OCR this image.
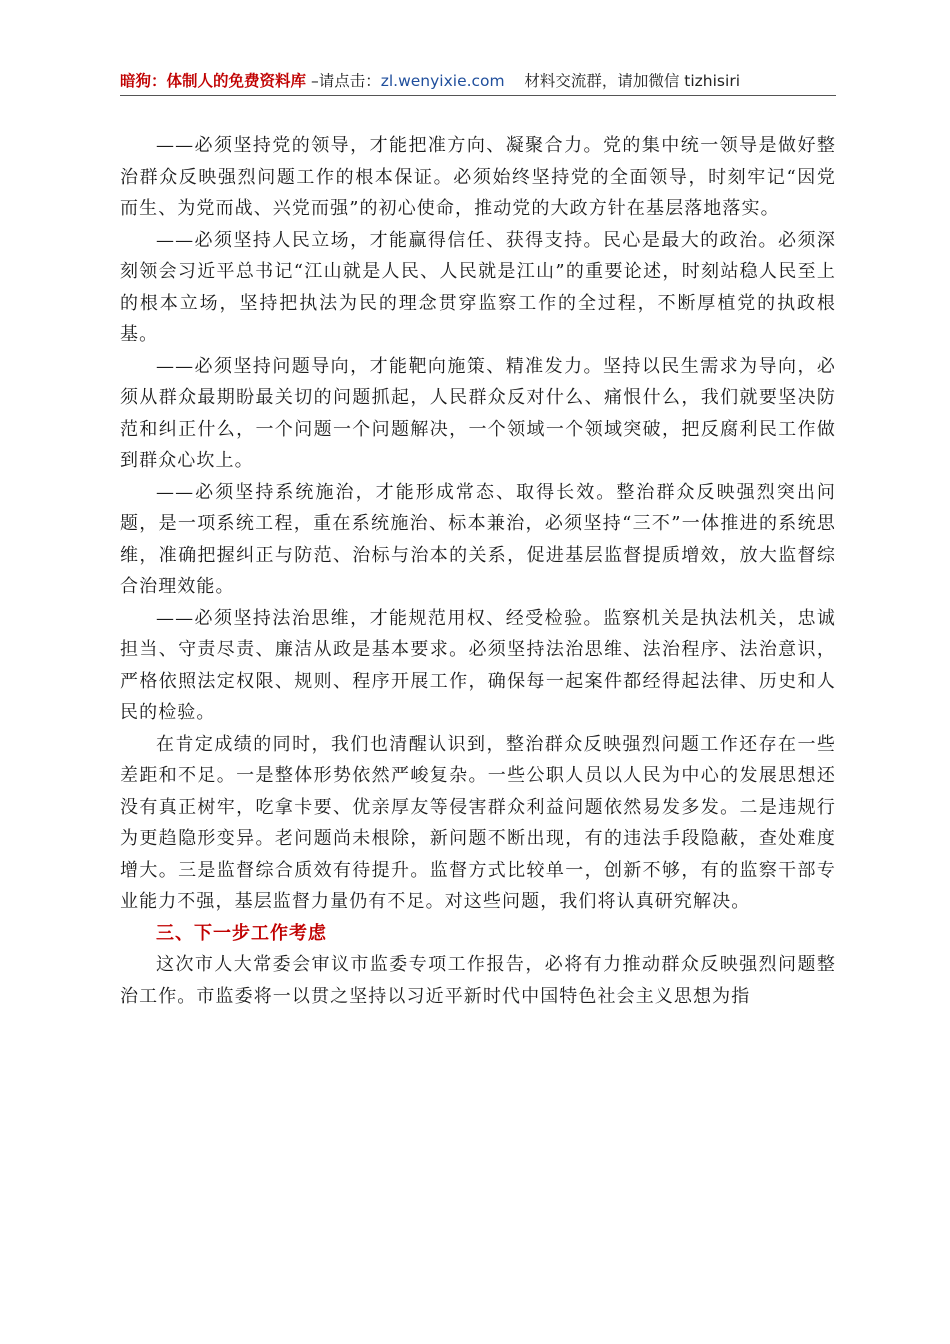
暗狗：体制人的免费资料库 –请点击：zl.wenyixie.com 材料交流群，请加微信 tizhisiri

——必须坚持党的领导，才能把准方向、凝聚合力。党的集中统一领导是做好整治群众反映强烈问题工作的根本保证。必须始终坚持党的全面领导，时刻牢记“因党而生、为党而战、兴党而强”的初心使命，推动党的大政方针在基层落地落实。

——必须坚持人民立场，才能赢得信任、获得支持。民心是最大的政治。必须深刻领会习近平总书记“江山就是人民、人民就是江山”的重要论述，时刻站稳人民至上的根本立场，坚持把执法为民的理念贯穿监察工作的全过程，不断厚植党的执政根基。

——必须坚持问题导向，才能靶向施策、精准发力。坚持以民生需求为导向，必须从群众最期盼最关切的问题抓起，人民群众反对什么、痛恨什么，我们就要坚决防范和纠正什么，一个问题一个问题解决，一个领域一个领域突破，把反腐利民工作做到群众心坎上。

——必须坚持系统施治，才能形成常态、取得长效。整治群众反映强烈突出问题，是一项系统工程，重在系统施治、标本兼治，必须坚持“三不”一体推进的系统思维，准确把握纠正与防范、治标与治本的关系，促进基层监督提质增效，放大监督综合治理效能。

——必须坚持法治思维，才能规范用权、经受检验。监察机关是执法机关，忠诚担当、守责尽责、廉洁从政是基本要求。必须坚持法治思维、法治程序、法治意识，严格依照法定权限、规则、程序开展工作，确保每一起案件都经得起法律、历史和人民的检验。

在肯定成绩的同时，我们也清醒认识到，整治群众反映强烈问题工作还存在一些差距和不足。一是整体形势依然严峻复杂。一些公职人员以人民为中心的发展思想还没有真正树牢，吃拿卡要、优亲厚友等侵害群众利益问题依然易发多发。二是违规行为更趋隐形变异。老问题尚未根除，新问题不断出现，有的违法手段隐蔽，查处难度增大。三是监督综合质效有待提升。监督方式比较单一，创新不够，有的监察干部专业能力不强，基层监督力量仍有不足。对这些问题，我们将认真研究解决。

三、下一步工作考虑

这次市人大常委会审议市监委专项工作报告，必将有力推动群众反映强烈问题整治工作。市监委将一以贯之坚持以习近平新时代中国特色社会主义思想为指
